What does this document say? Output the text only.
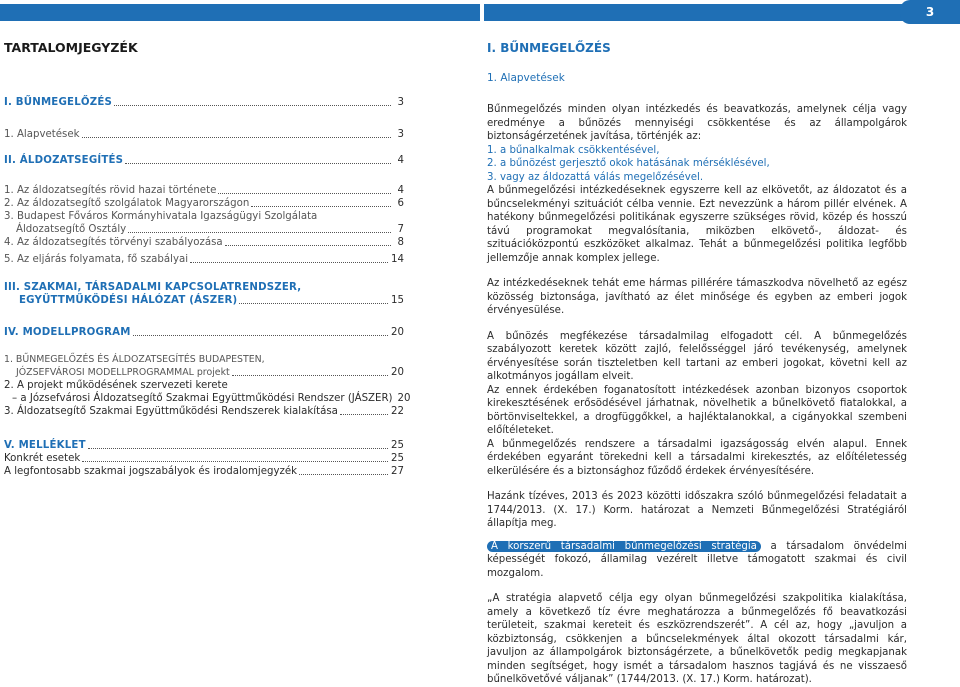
3
TARTALOMJEGYZÉK
I. BŰNMEGELŐZÉS	3
1. Alapvetések	3
II. ÁLDOZATSEGÍTÉS	4
1. Az áldozatsegítés rövid hazai története	4
2. Az áldozatsegítő szolgálatok Magyarországon	6
3. Budapest Főváros Kormányhivatala Igazságügyi Szolgálata
Áldozatsegítő Osztály	7
4. Az áldozatsegítés törvényi szabályozása	8
5. Az eljárás folyamata, fő szabályai	14
III. SZAKMAI, TÁRSADALMI KAPCSOLATRENDSZER,
EGYÜTTMŰKÖDÉSI HÁLÓZAT (ÁSZER)	15
IV. MODELLPROGRAM	20
1. BŰNMEGELŐZÉS ÉS ÁLDOZATSEGÍTÉS BUDAPESTEN,
JÓZSEFVÁROSI MODELLPROGRAMMAL projekt	20
2. A projekt működésének szervezeti kerete
– a Józsefvárosi Áldozatsegítő Szakmai Együttműködési Rendszer (JÁSZER) 20
3. Áldozatsegítő Szakmai Együttműködési Rendszerek kialakítása	22
V. MELLÉKLET	25
Konkrét esetek	25
A legfontosabb szakmai jogszabályok és irodalomjegyzék	27
I. BŰNMEGELŐZÉS
1. Alapvetések

Bűnmegelőzés minden olyan intézkedés és beavatkozás, amelynek célja vagy eredménye a bűnözés mennyiségi csökkentése és az állampolgárok biztonságérzetének javítása, történjék az:

1. a bűnalkalmak csökkentésével,

2. a bűnözést gerjesztő okok hatásának mérséklésével,

3. vagy az áldozattá válás megelőzésével.

A bűnmegelőzési intézkedéseknek egyszerre kell az elkövetőt, az áldozatot és a bűncselekményi szituációt célba vennie. Ezt nevezzünk a három pillér elvének. A hatékony bűnmegelőzési politikának egyszerre szükséges rövid, közép és hosszú távú programokat megvalósítania, miközben elkövető-, áldozat- és szituációközpontú eszközöket alkalmaz. Tehát a bűnmegelőzési politika legfőbb jellemzője annak komplex jellege.

Az intézkedéseknek tehát eme hármas pillérére támaszkodva növelhető az egész közösség biztonsága, javítható az élet minősége és egyben az emberi jogok érvényesülése.

A bűnözés megfékezése társadalmilag elfogadott cél. A bűnmegelőzés szabályozott keretek között zajló, felelősséggel járó tevékenység, amelynek érvényesítése során tiszteletben kell tartani az emberi jogokat, követni kell az alkotmányos jogállam elveit.

Az ennek érdekében foganatosított intézkedések azonban bizonyos csoportok kirekesztésének erősödésével járhatnak, növelhetik a bűnelkövető fiatalokkal, a börtönviseltekkel, a drogfüggőkkel, a hajléktalanokkal, a cigányokkal szembeni előítéleteket.

A bűnmegelőzés rendszere a társadalmi igazságosság elvén alapul. Ennek érdekében egyaránt törekedni kell a társadalmi kirekesztés, az előítéletesség elkerülésére és a biztonsághoz fűződő érdekek érvényesítésére.

Hazánk tízéves, 2013 és 2023 közötti időszakra szóló bűnmegelőzési feladatait a 1744/2013. (X. 17.) Korm. határozat a Nemzeti Bűnmegelőzési Stratégiáról állapítja meg.

A korszerű társadalmi bűnmegelőzési stratégia a társadalom önvédelmi képességét fokozó, államilag vezérelt illetve támogatott szakmai és civil mozgalom.

„A stratégia alapvető célja egy olyan bűnmegelőzési szakpolitika kialakítása, amely a következő tíz évre meghatározza a bűnmegelőzés fő beavatkozási területeit, szakmai kereteit és eszközrendszerét”. A cél az, hogy „javuljon a közbiztonság, csökkenjen a bűncselekmények által okozott társadalmi kár, javuljon az állampolgárok biztonságérzete, a bűnelkövetők pedig megkapjanak minden segítséget, hogy ismét a társadalom hasznos tagjává és ne visszaeső bűnelkövetővé váljanak” (1744/2013. (X. 17.) Korm. határozat).
